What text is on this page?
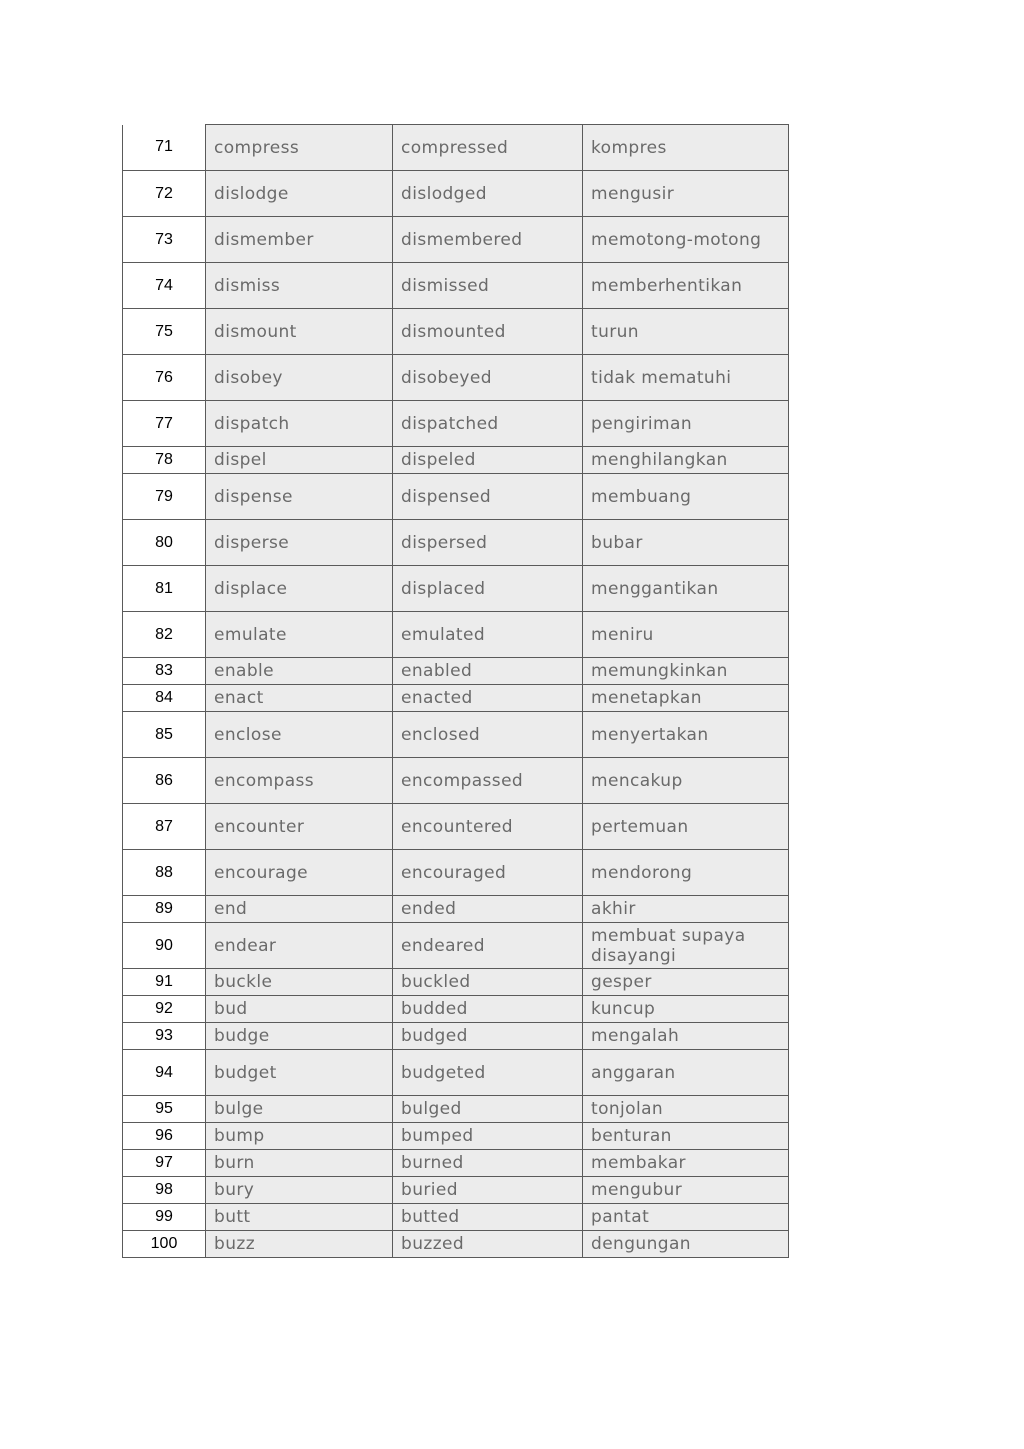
71	compress	compressed	kompres
72	dislodge	dislodged	mengusir
73	dismember	dismembered	memotong-motong
74	dismiss	dismissed	memberhentikan
75	dismount	dismounted	turun
76	disobey	disobeyed	tidak mematuhi
77	dispatch	dispatched	pengiriman
78	dispel	dispeled	menghilangkan
79	dispense	dispensed	membuang
80	disperse	dispersed	bubar
81	displace	displaced	menggantikan
82	emulate	emulated	meniru
83	enable	enabled	memungkinkan
84	enact	enacted	menetapkan
85	enclose	enclosed	menyertakan
86	encompass	encompassed	mencakup
87	encounter	encountered	pertemuan
88	encourage	encouraged	mendorong
89	end	ended	akhir
90	endear	endeared	membuat supaya disayangi
91	buckle	buckled	gesper
92	bud	budded	kuncup
93	budge	budged	mengalah
94	budget	budgeted	anggaran
95	bulge	bulged	tonjolan
96	bump	bumped	benturan
97	burn	burned	membakar
98	bury	buried	mengubur
99	butt	butted	pantat
100	buzz	buzzed	dengungan
